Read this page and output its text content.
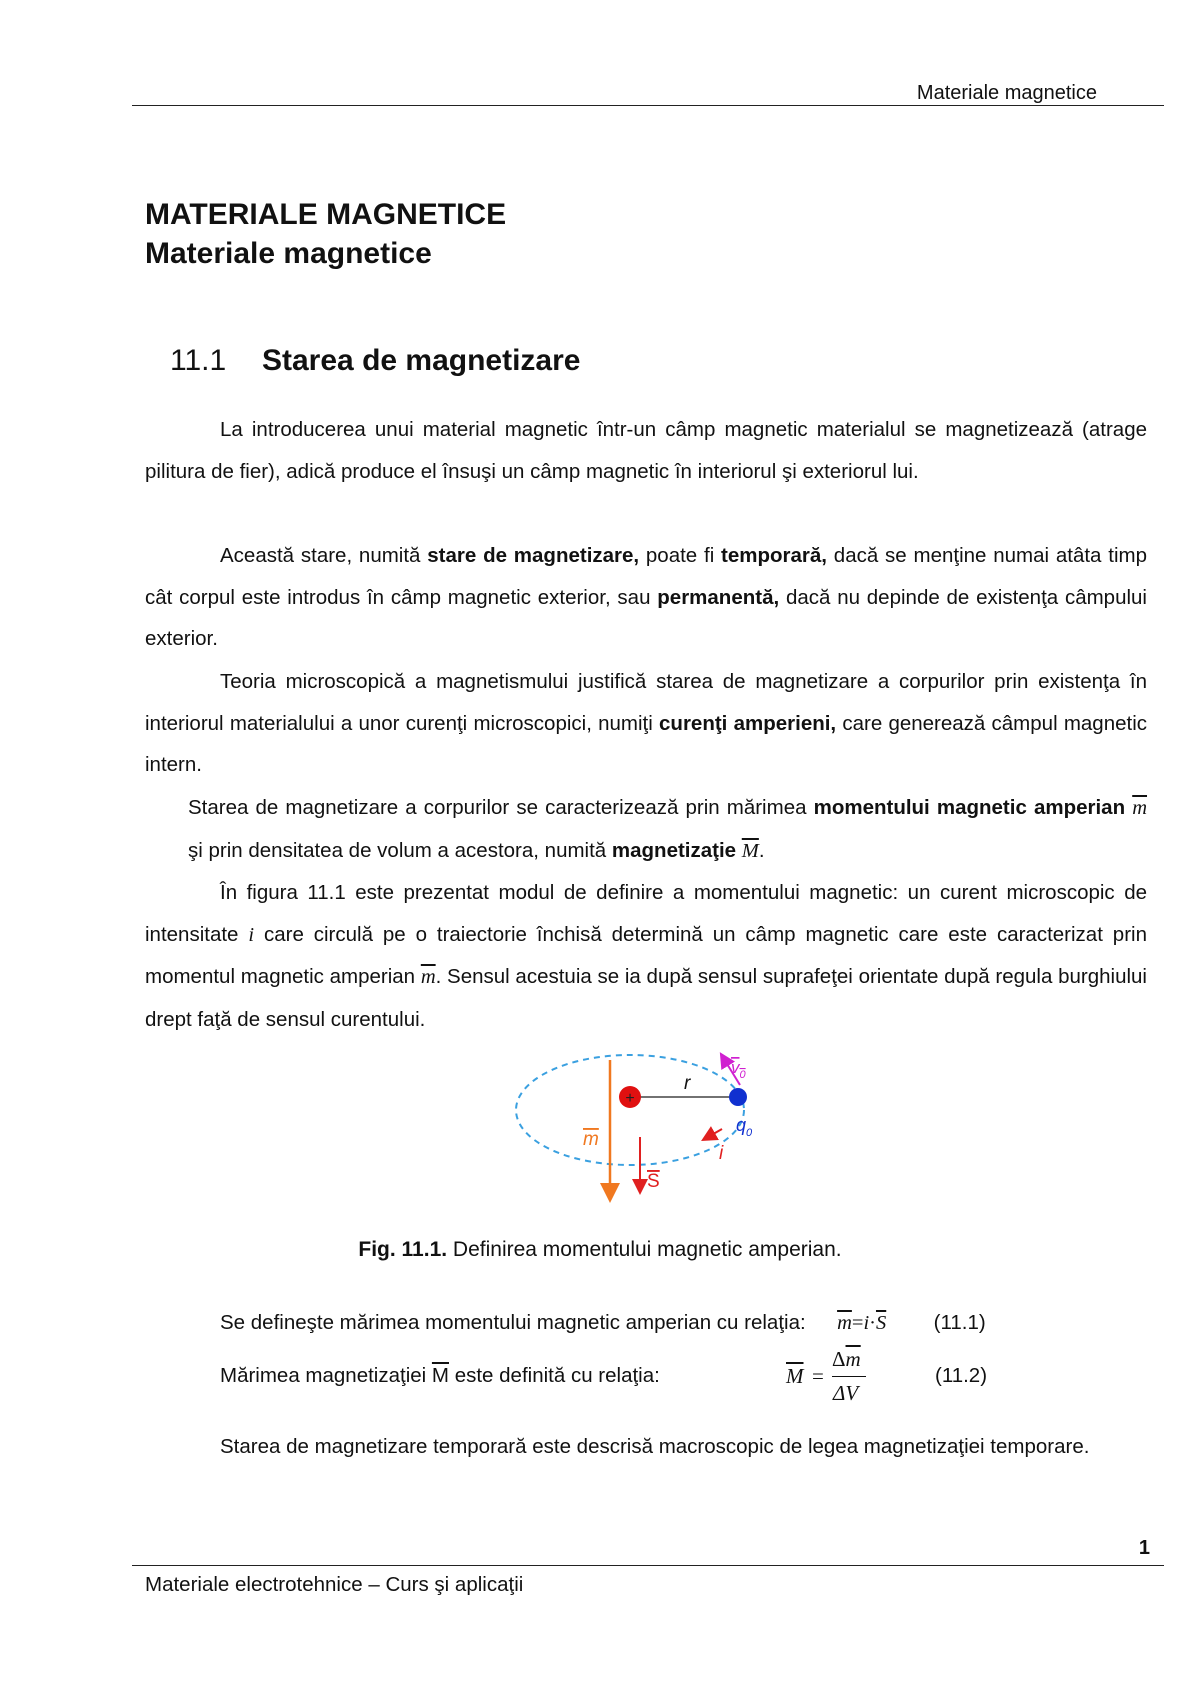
Materiale magnetice
MATERIALE MAGNETICE
Materiale magnetice
11.1 Starea de magnetizare

La introducerea unui material magnetic într-un câmp magnetic materialul se magnetizează (atrage pilitura de fier), adică produce el însuşi un câmp magnetic în interiorul şi exteriorul lui.

Această stare, numită stare de magnetizare, poate fi temporară, dacă se menţine numai atâta timp cât corpul este introdus în câmp magnetic exterior, sau permanentă, dacă nu depinde de existenţa câmpului exterior.

Teoria microscopică a magnetismului justifică starea de magnetizare a corpurilor prin existenţa în interiorul materialului a unor curenţi microscopici, numiţi curenţi amperieni, care generează câmpul magnetic intern.

Starea de magnetizare a corpurilor se caracterizează prin mărimea momentului magnetic amperian $\overline{m}$ şi prin densitatea de volum a acestora, numită magnetizaţie $\overline{M}$.

În figura 11.1 este prezentat modul de definire a momentului magnetic: un curent microscopic de intensitate i care circulă pe o traiectorie închisă determină un câmp magnetic care este caracterizat prin momentul magnetic amperian $\overline{m}$. Sensul acestuia se ia după sensul suprafeţei orientate după regula burghiului drept faţă de sensul curentului.

+
r
$v_0$
$q_0$
i
m
S
Fig. 11.1. Definirea momentului magnetic amperian.
Se defineşte mărimea momentului magnetic amperian cu relaţia: $\overline{m}=i\cdot\overline{S}$ (11.1)
Mărimea magnetizaţiei $\overline{M}$ este definită cu relaţia:	$\overline{M}$ =
$\Delta\overline{m}$
ΔV
(11.2)

Starea de magnetizare temporară este descrisă macroscopic de legea magnetizaţiei temporare.

1
Materiale electrotehnice – Curs şi aplicaţii
